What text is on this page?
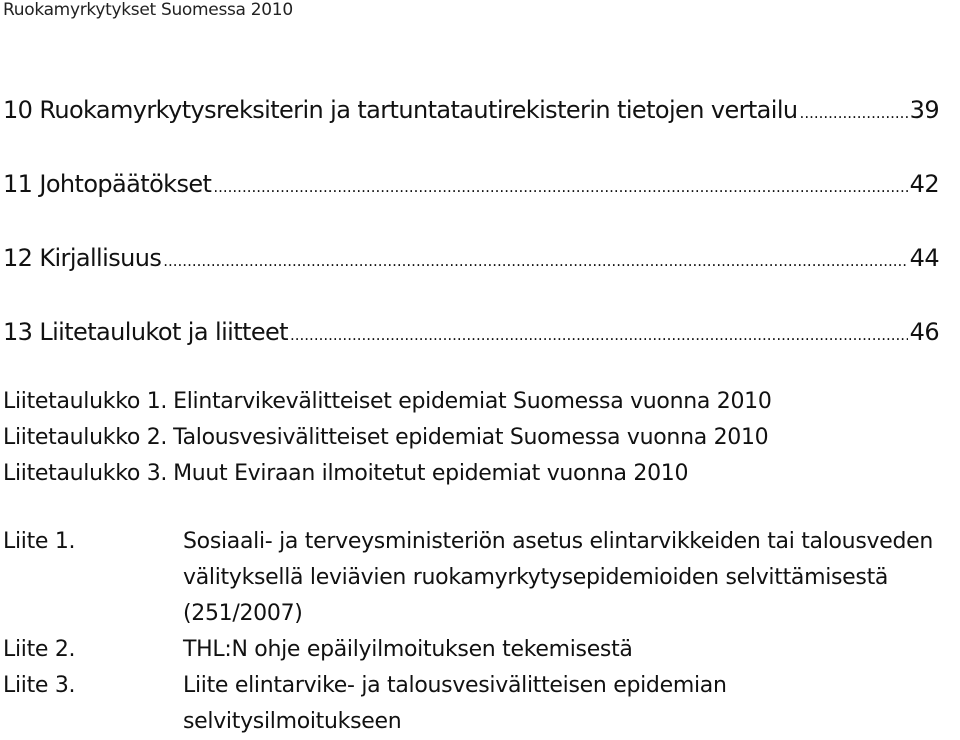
Ruokamyrkytykset Suomessa 2010
10 Ruokamyrkytysreksiterin ja tartuntatautirekisterin tietojen vertailu .....	39
11 Johtopäätökset .....	42
12 Kirjallisuus .....	44
13 Liitetaulukot ja liitteet .....	46
Liitetaulukko 1. Elintarvikevälitteiset epidemiat Suomessa vuonna 2010
Liitetaulukko 2. Talousvesivälitteiset epidemiat Suomessa vuonna 2010
Liitetaulukko 3. Muut Eviraan ilmoitetut epidemiat vuonna 2010
Liite 1.	Sosiaali- ja terveysministeriön asetus elintarvikkeiden tai talousveden välityksellä leviävien ruokamyrkytysepidemioiden selvittämisestä (251/2007)
Liite 2.	THL:N ohje epäilyilmoituksen tekemisestä
Liite 3.	Liite elintarvike- ja talousvesivälitteisen epidemian selvitysilmoitukseen
